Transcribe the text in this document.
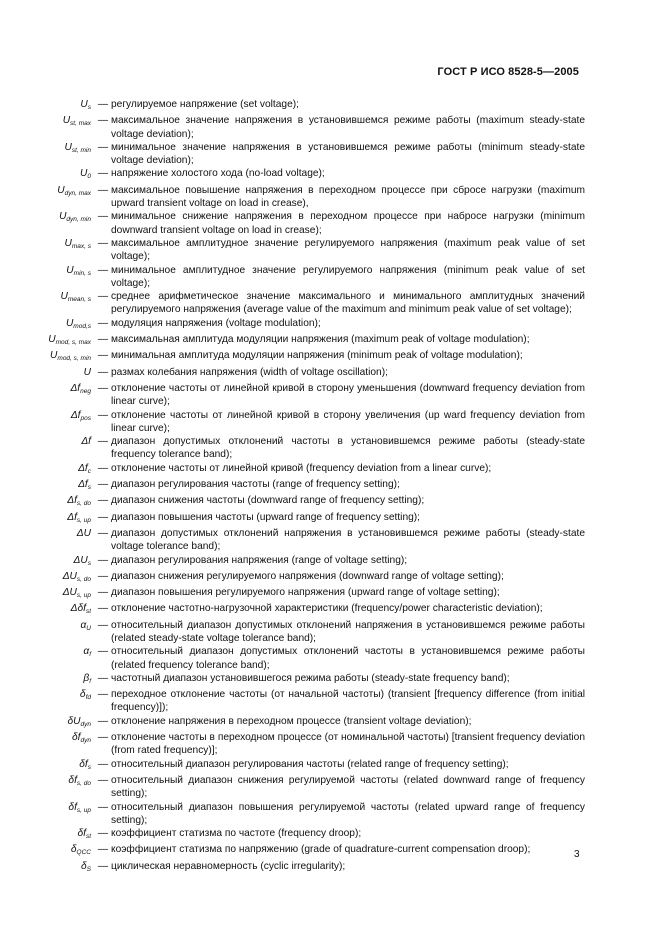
ГОСТ Р ИСО 8528-5—2005
$U_s$ — регулируемое напряжение (set voltage);
$U_{st, max}$ — максимальное значение напряжения в установившемся режиме работы (maximum steady-state voltage deviation);
$U_{st, min}$ — минимальное значение напряжения в установившемся режиме работы (minimum steady-state voltage deviation);
$U_0$ — напряжение холостого хода (no-load voltage);
$U_{dyn, max}$ — максимальное повышение напряжения в переходном процессе при сбросе нагрузки (maximum upward transient voltage on load in crease),
$U_{dyn, min}$ — минимальное снижение напряжения в переходном процессе при набросе нагрузки (minimum downward transient voltage on load in crease);
$U_{max, s}$ — максимальное амплитудное значение регулируемого напряжения (maximum peak value of set voltage);
$U_{min, s}$ — минимальное амплитудное значение регулируемого напряжения (minimum peak value of set voltage);
$U_{mean, s}$ — среднее арифметическое значение максимального и минимального амплитудных значений регулируемого напряжения (average value of the maximum and minimum peak value of set voltage);
$U_{mod,s}$ — модуляция напряжения (voltage modulation);
$U_{mod, s, max}$ — максимальная амплитуда модуляции напряжения (maximum peak of voltage modulation);
$U_{mod, s, min}$ — минимальная амплитуда модуляции напряжения (minimum peak of voltage modulation);
U — размах колебания напряжения (width of voltage oscillation);
$\Delta f_{neg}$ — отклонение частоты от линейной кривой в сторону уменьшения (downward frequency deviation from linear curve);
$\Delta f_{pos}$ — отклонение частоты от линейной кривой в сторону увеличения (up ward frequency deviation from linear curve);
Δf — диапазон допустимых отклонений частоты в установившемся режиме работы (steady-state frequency tolerance band);
$\Delta f_c$ — отклонение частоты от линейной кривой (frequency deviation from a linear curve);
$\Delta f_s$ — диапазон регулирования частоты (range of frequency setting);
$\Delta f_{s, do}$ — диапазон снижения частоты (downward range of frequency setting);
$\Delta f_{s, up}$ — диапазон повышения частоты (upward range of frequency setting);
ΔU — диапазон допустимых отклонений напряжения в установившемся режиме работы (steady-state voltage tolerance band);
$\Delta U_s$ — диапазон регулирования напряжения (range of voltage setting);
$\Delta U_{s, do}$ — диапазон снижения регулируемого напряжения (downward range of voltage setting);
$\Delta U_{s, up}$ — диапазон повышения регулируемого напряжения (upward range of voltage setting);
Δδf$_{st}$ — отклонение частотно-нагрузочной характеристики (frequency/power characteristic deviation);
$\alpha_U$ — относительный диапазон допустимых отклонений напряжения в установившемся режиме работы (related steady-state voltage tolerance band);
$\alpha_f$ — относительный диапазон допустимых отклонений частоты в установившемся режиме работы (related frequency tolerance band);
$\beta_f$ — частотный диапазон установившегося режима работы (steady-state frequency band);
$\delta_{fd}$ — переходное отклонение частоты (от начальной частоты) (transient [frequency difference (from initial frequency)]);
$\delta U_{dyn}$ — отклонение напряжения в переходном процессе (transient voltage deviation);
$\delta f_{dyn}$ — отклонение частоты в переходном процессе (от номинальной частоты) [transient frequency deviation (from rated frequency)];
$\delta f_s$ — относительный диапазон регулирования частоты (related range of frequency setting);
$\delta f_{s, do}$ — относительный диапазон снижения регулируемой частоты (related downward range of frequency setting);
$\delta f_{s, up}$ — относительный диапазон повышения регулируемой частоты (related upward range of frequency setting);
$\delta f_{st}$ — коэффициент статизма по частоте (frequency droop);
$\delta_{QCC}$ — коэффициент статизма по напряжению (grade of quadrature-current compensation droop);
$\delta_S$ — циклическая неравномерность (cyclic irregularity);
3
